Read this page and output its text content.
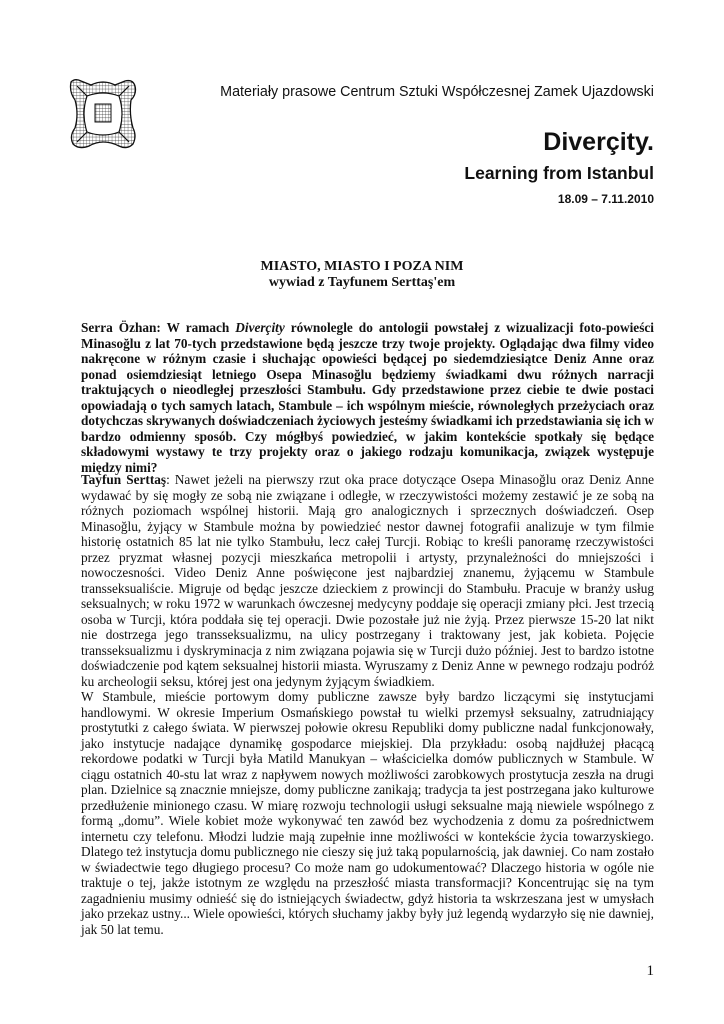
Materiały prasowe Centrum Sztuki Współczesnej Zamek Ujazdowski
Diverçity.
Learning from Istanbul
18.09 – 7.11.2010
MIASTO, MIASTO I POZA NIM
wywiad z Tayfunem Serttaş'em

Serra Özhan: W ramach Diverçity równolegle do antologii powstałej z wizualizacji foto-powieści Minasoğlu z lat 70-tych przedstawione będą jeszcze trzy twoje projekty. Oglądając dwa filmy video nakręcone w różnym czasie i słuchając opowieści będącej po siedemdziesiątce Deniz Anne oraz ponad osiemdziesiąt letniego Osepa Minasoğlu będziemy świadkami dwu różnych narracji traktujących o nieodległej przeszłości Stambułu. Gdy przedstawione przez ciebie te dwie postaci opowiadają o tych samych latach, Stambule – ich wspólnym mieście, równoległych przeżyciach oraz dotychczas skrywanych doświadczeniach życiowych jesteśmy świadkami ich przedstawiania się ich w bardzo odmienny sposób. Czy mógłbyś powiedzieć, w jakim kontekście spotkały się będące składowymi wystawy te trzy projekty oraz o jakiego rodzaju komunikacja, związek występuje między nimi?

Tayfun Serttaş: Nawet jeżeli na pierwszy rzut oka prace dotyczące Osepa Minasoğlu oraz Deniz Anne wydawać by się mogły ze sobą nie związane i odległe, w rzeczywistości możemy zestawić je ze sobą na różnych poziomach wspólnej historii. Mają gro analogicznych i sprzecznych doświadczeń. Osep Minasoğlu, żyjący w Stambule można by powiedzieć nestor dawnej fotografii analizuje w tym filmie historię ostatnich 85 lat nie tylko Stambułu, lecz całej Turcji. Robiąc to kreśli panoramę rzeczywistości przez pryzmat własnej pozycji mieszkańca metropolii i artysty, przynależności do mniejszości i nowoczesności. Video Deniz Anne poświęcone jest najbardziej znanemu, żyjącemu w Stambule transseksualiście. Migruje od będąc jeszcze dzieckiem z prowincji do Stambułu. Pracuje w branży usług seksualnych; w roku 1972 w warunkach ówczesnej medycyny poddaje się operacji zmiany płci. Jest trzecią osoba w Turcji, która poddała się tej operacji. Dwie pozostałe już nie żyją. Przez pierwsze 15-20 lat nikt nie dostrzega jego transseksualizmu, na ulicy postrzegany i traktowany jest, jak kobieta. Pojęcie transseksualizmu i dyskryminacja z nim związana pojawia się w Turcji dużo później. Jest to bardzo istotne doświadczenie pod kątem seksualnej historii miasta. Wyruszamy z Deniz Anne w pewnego rodzaju podróż ku archeologii seksu, której jest ona jedynym żyjącym świadkiem.

W Stambule, mieście portowym domy publiczne zawsze były bardzo liczącymi się instytucjami handlowymi. W okresie Imperium Osmańskiego powstał tu wielki przemysł seksualny, zatrudniający prostytutki z całego świata. W pierwszej połowie okresu Republiki domy publiczne nadal funkcjonowały, jako instytucje nadające dynamikę gospodarce miejskiej. Dla przykładu: osobą najdłużej płacącą rekordowe podatki w Turcji była Matild Manukyan – właścicielka domów publicznych w Stambule. W ciągu ostatnich 40-stu lat wraz z napływem nowych możliwości zarobkowych prostytucja zeszła na drugi plan. Dzielnice są znacznie mniejsze, domy publiczne zanikają; tradycja ta jest postrzegana jako kulturowe przedłużenie minionego czasu. W miarę rozwoju technologii usługi seksualne mają niewiele wspólnego z formą „domu”. Wiele kobiet może wykonywać ten zawód bez wychodzenia z domu za pośrednictwem internetu czy telefonu. Młodzi ludzie mają zupełnie inne możliwości w kontekście życia towarzyskiego. Dlatego też instytucja domu publicznego nie cieszy się już taką popularnością, jak dawniej. Co nam zostało w świadectwie tego długiego procesu? Co może nam go udokumentować? Dlaczego historia w ogóle nie traktuje o tej, jakże istotnym ze względu na przeszłość miasta transformacji? Koncentrując się na tym zagadnieniu musimy odnieść się do istniejących świadectw, gdyż historia ta wskrzeszana jest w umysłach jako przekaz ustny... Wiele opowieści, których słuchamy jakby były już legendą wydarzyło się nie dawniej, jak 50 lat temu.

1
